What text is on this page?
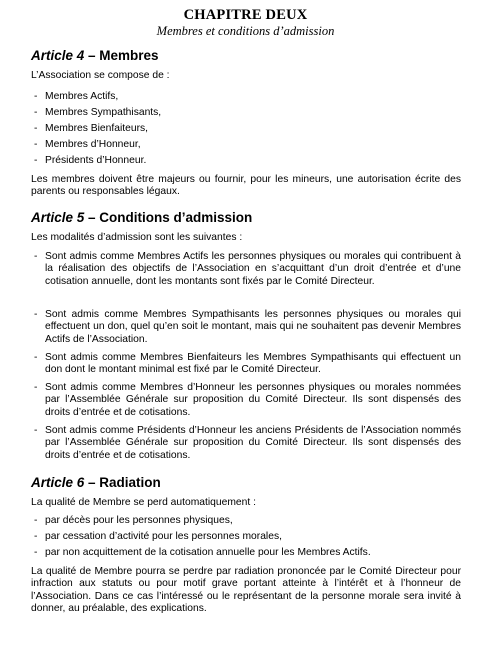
CHAPITRE DEUX
Membres et conditions d’admission
Article 4 – Membres
L’Association se compose de :
- Membres Actifs,
- Membres Sympathisants,
- Membres Bienfaiteurs,
- Membres d’Honneur,
- Présidents d’Honneur.
Les membres doivent être majeurs ou fournir, pour les mineurs, une autorisation écrite des parents ou responsables légaux.
Article 5 – Conditions d’admission
Les modalités d’admission sont les suivantes :
- Sont admis comme Membres Actifs les personnes physiques ou morales qui contribuent à la réalisation des objectifs de l’Association en s’acquittant d’un droit d’entrée et d’une cotisation annuelle, dont les montants sont fixés par le Comité Directeur.
- Sont admis comme Membres Sympathisants les personnes physiques ou morales qui effectuent un don, quel qu’en soit le montant, mais qui ne souhaitent pas devenir Membres Actifs de l’Association.
- Sont admis comme Membres Bienfaiteurs les Membres Sympathisants qui effectuent un don dont le montant minimal est fixé par le Comité Directeur.
- Sont admis comme Membres d’Honneur les personnes physiques ou morales nommées par l’Assemblée Générale sur proposition du Comité Directeur. Ils sont dispensés des droits d’entrée et de cotisations.
- Sont admis comme Présidents d’Honneur les anciens Présidents de l’Association nommés par l’Assemblée Générale sur proposition du Comité Directeur. Ils sont dispensés des droits d’entrée et de cotisations.
Article 6 – Radiation
La qualité de Membre se perd automatiquement :
- par décès pour les personnes physiques,
- par cessation d’activité pour les personnes morales,
- par non acquittement de la cotisation annuelle pour les Membres Actifs.
La qualité de Membre pourra se perdre par radiation prononcée par le Comité Directeur pour infraction aux statuts ou pour motif grave portant atteinte à l’intérêt et à l’honneur de l’Association. Dans ce cas l’intéressé ou le représentant de la personne morale sera invité à donner, au préalable, des explications.
